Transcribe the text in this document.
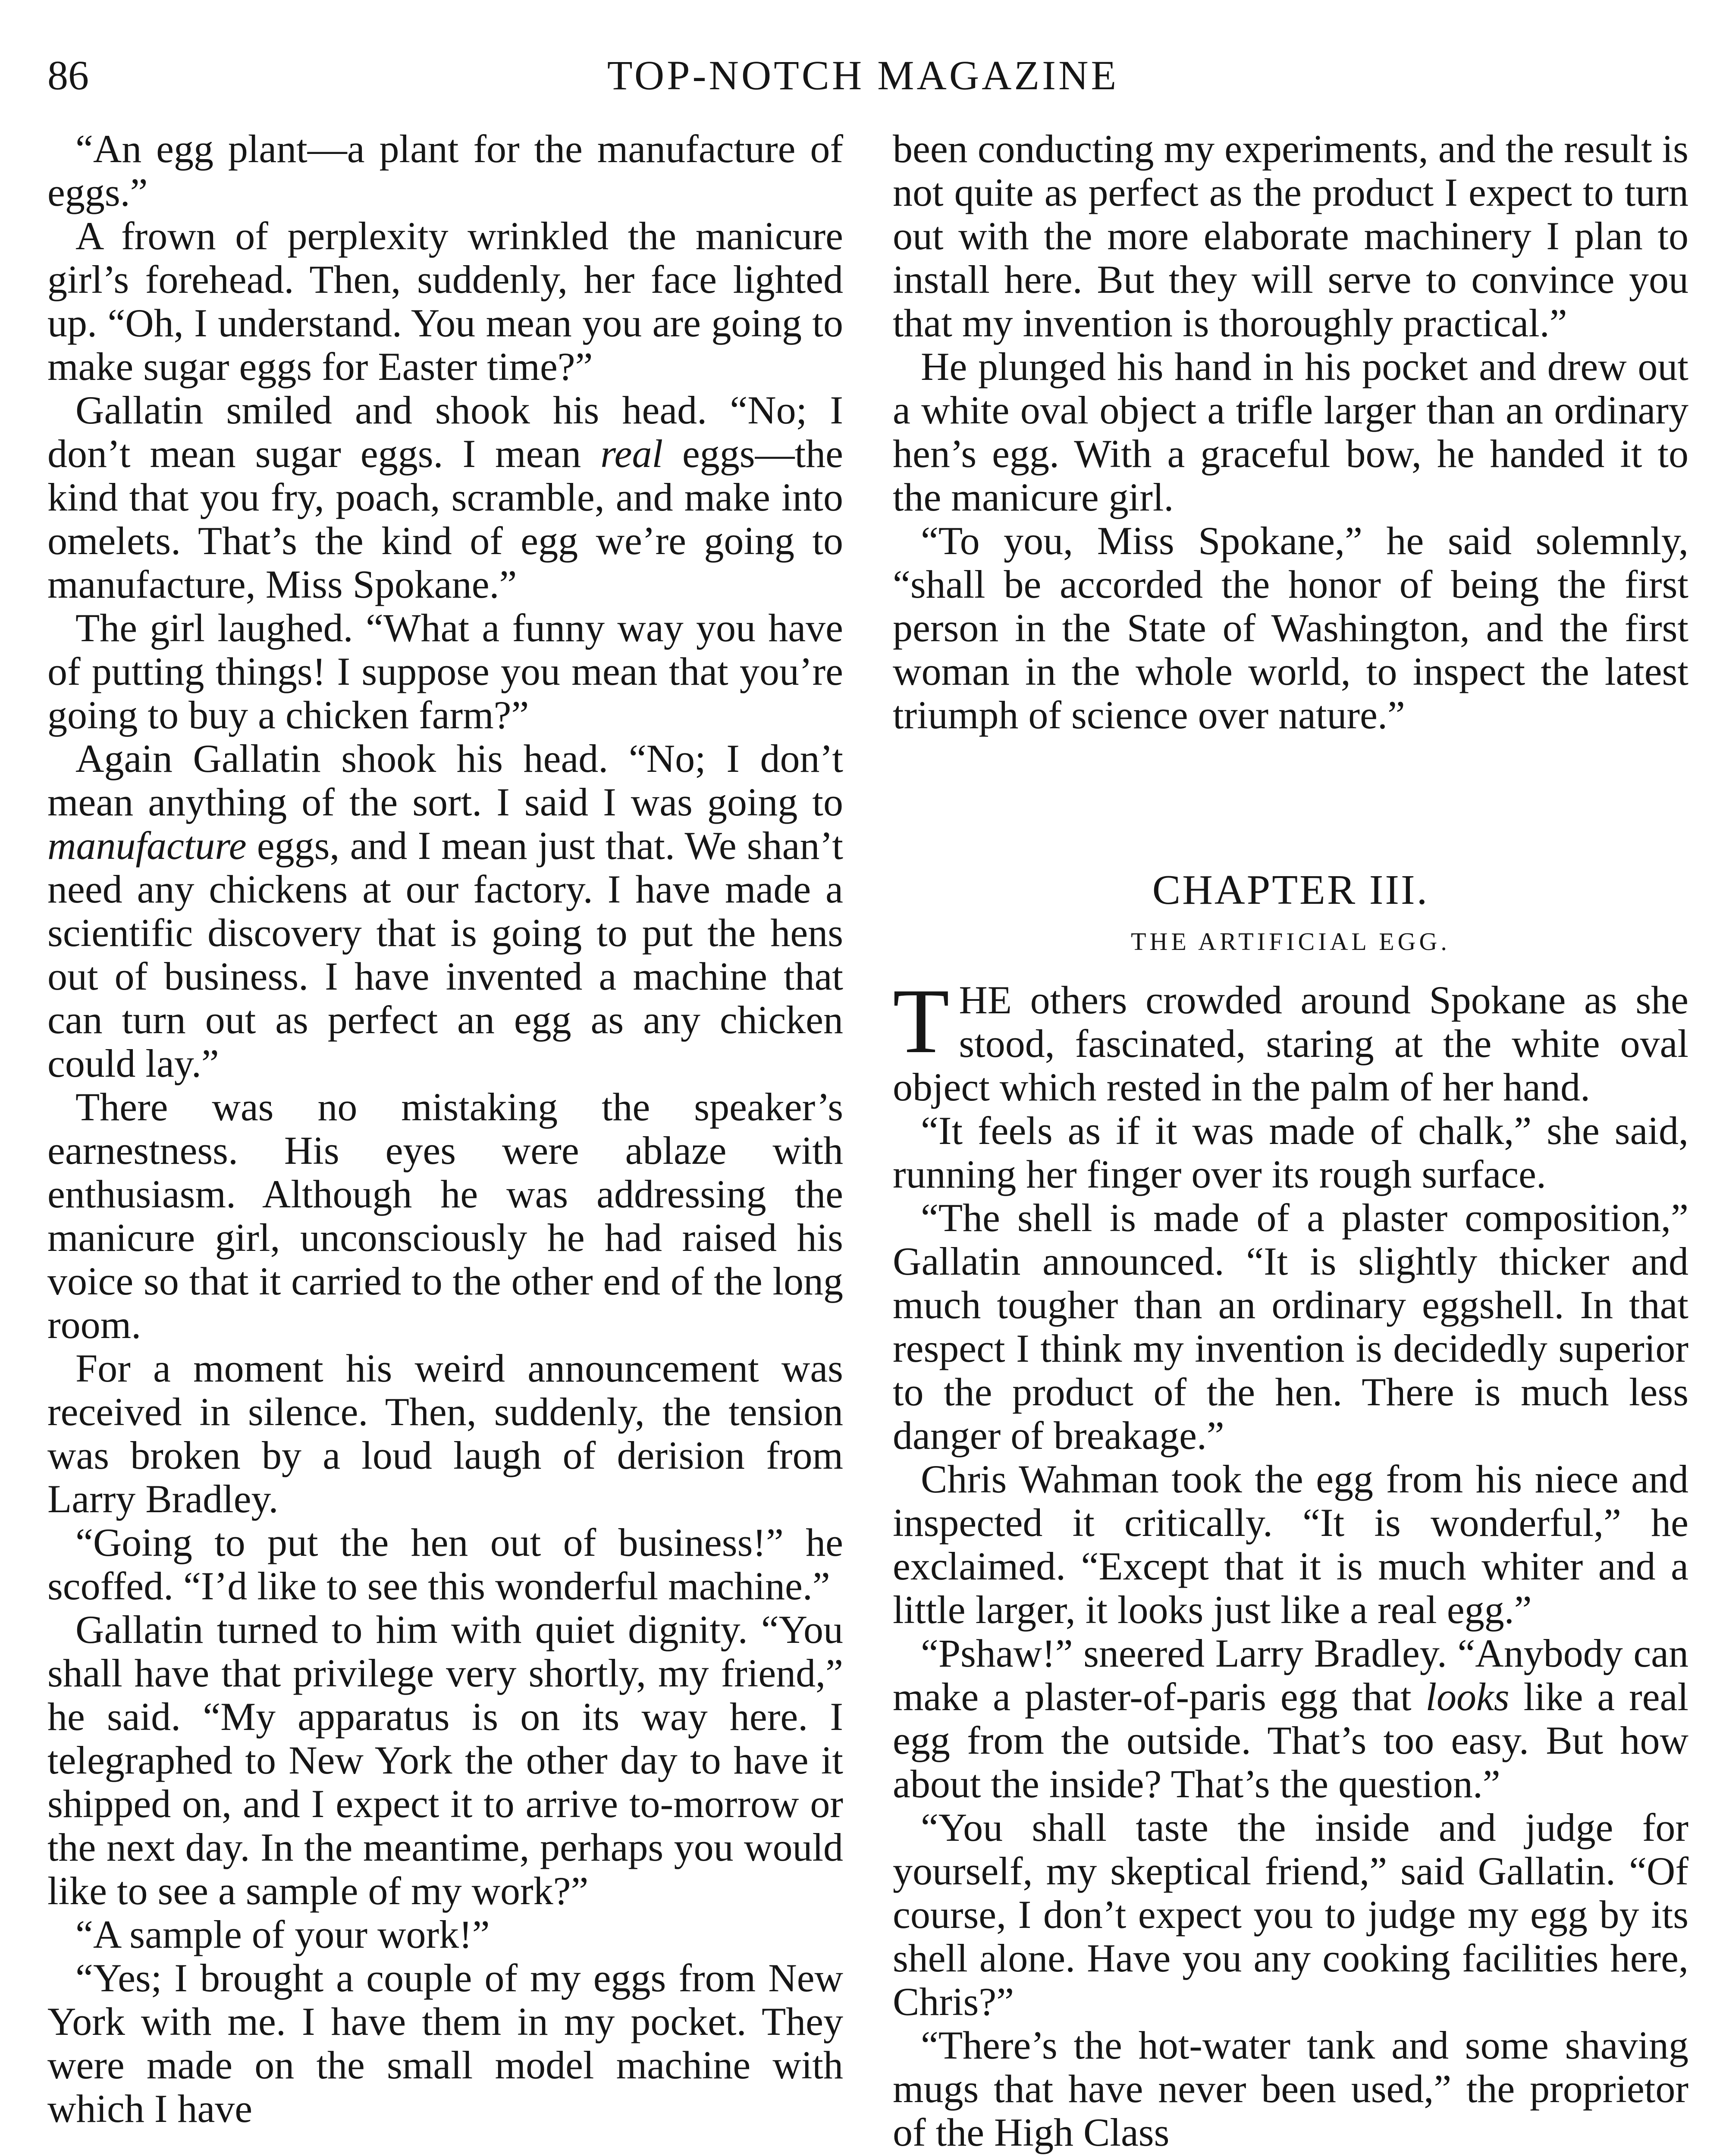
86	TOP-NOTCH MAGAZINE

“An egg plant—a plant for the manufacture of eggs.”

A frown of perplexity wrinkled the manicure girl’s forehead. Then, suddenly, her face lighted up. “Oh, I understand. You mean you are going to make sugar eggs for Easter time?”

Gallatin smiled and shook his head. “No; I don’t mean sugar eggs. I mean real eggs—the kind that you fry, poach, scramble, and make into omelets. That’s the kind of egg we’re going to manufacture, Miss Spokane.”

The girl laughed. “What a funny way you have of putting things! I suppose you mean that you’re going to buy a chicken farm?”

Again Gallatin shook his head. “No; I don’t mean anything of the sort. I said I was going to manufacture eggs, and I mean just that. We shan’t need any chickens at our factory. I have made a scientific discovery that is going to put the hens out of business. I have invented a machine that can turn out as perfect an egg as any chicken could lay.”

There was no mistaking the speaker’s earnestness. His eyes were ablaze with enthusiasm. Although he was addressing the manicure girl, unconsciously he had raised his voice so that it carried to the other end of the long room.

For a moment his weird announcement was received in silence. Then, suddenly, the tension was broken by a loud laugh of derision from Larry Bradley.

“Going to put the hen out of business!” he scoffed. “I’d like to see this wonderful machine.”

Gallatin turned to him with quiet dignity. “You shall have that privilege very shortly, my friend,” he said. “My apparatus is on its way here. I telegraphed to New York the other day to have it shipped on, and I expect it to arrive to-morrow or the next day. In the meantime, perhaps you would like to see a sample of my work?”

“A sample of your work!”

“Yes; I brought a couple of my eggs from New York with me. I have them in my pocket. They were made on the small model machine with which I have

been conducting my experiments, and the result is not quite as perfect as the product I expect to turn out with the more elaborate machinery I plan to install here. But they will serve to convince you that my invention is thoroughly practical.”

He plunged his hand in his pocket and drew out a white oval object a trifle larger than an ordinary hen’s egg. With a graceful bow, he handed it to the manicure girl.

“To you, Miss Spokane,” he said solemnly, “shall be accorded the honor of being the first person in the State of Washington, and the first woman in the whole world, to inspect the latest triumph of science over nature.”

CHAPTER III.
THE ARTIFICIAL EGG.

THE others crowded around Spokane as she stood, fascinated, staring at the white oval object which rested in the palm of her hand.

“It feels as if it was made of chalk,” she said, running her finger over its rough surface.

“The shell is made of a plaster composition,” Gallatin announced. “It is slightly thicker and much tougher than an ordinary eggshell. In that respect I think my invention is decidedly superior to the product of the hen. There is much less danger of breakage.”

Chris Wahman took the egg from his niece and inspected it critically. “It is wonderful,” he exclaimed. “Except that it is much whiter and a little larger, it looks just like a real egg.”

“Pshaw!” sneered Larry Bradley. “Anybody can make a plaster-of-paris egg that looks like a real egg from the outside. That’s too easy. But how about the inside? That’s the question.”

“You shall taste the inside and judge for yourself, my skeptical friend,” said Gallatin. “Of course, I don’t expect you to judge my egg by its shell alone. Have you any cooking facilities here, Chris?”

“There’s the hot-water tank and some shaving mugs that have never been used,” the proprietor of the High Class
